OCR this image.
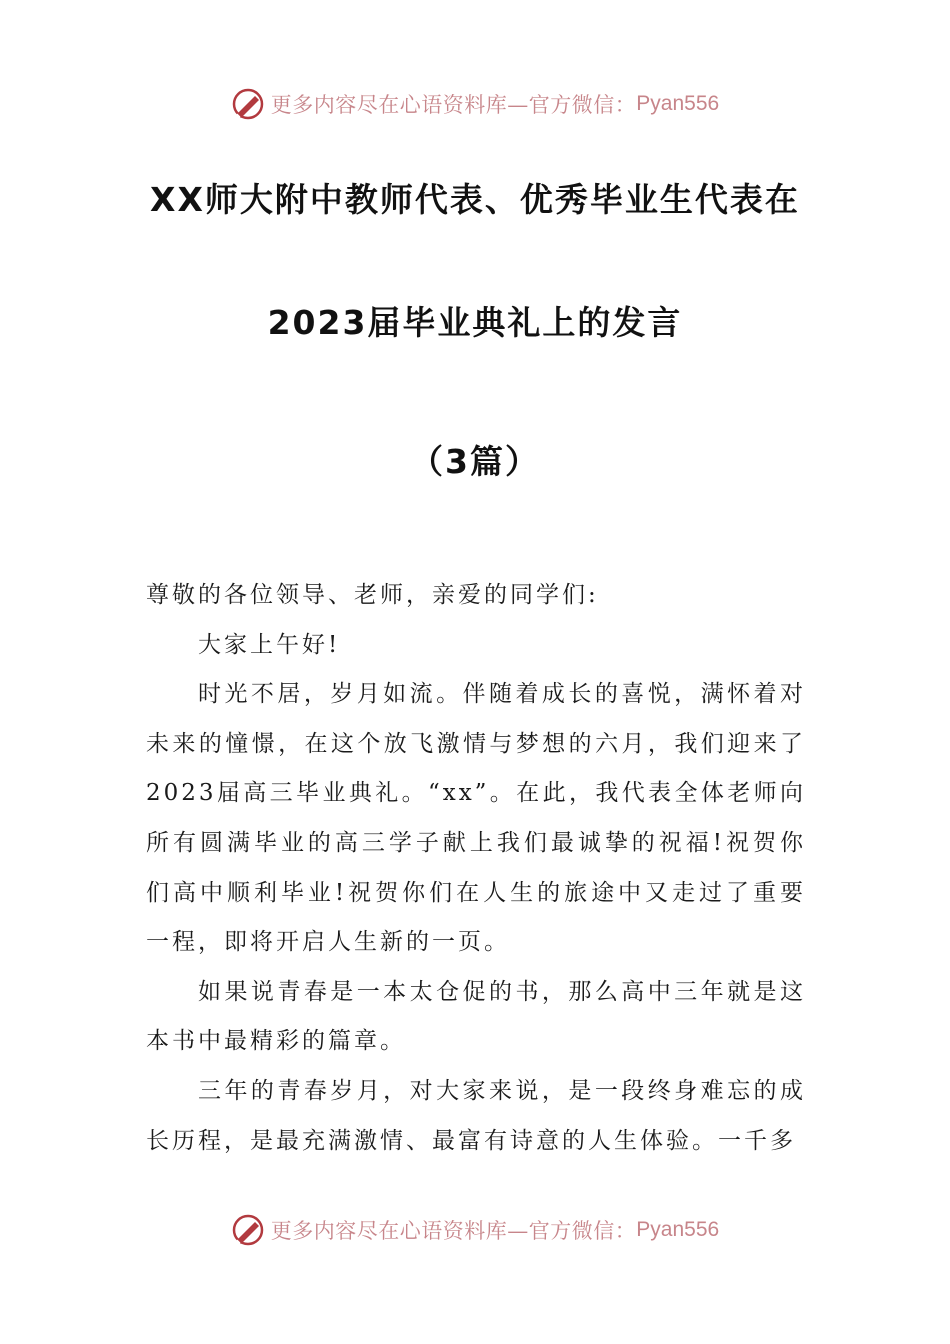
更多内容尽在心语资料库—官方微信： Pyan556
XX师大附中教师代表、优秀毕业生代表在
2023届毕业典礼上的发言
（3篇）

尊敬的各位领导、老师，亲爱的同学们:

大家上午好!

时光不居，岁月如流。伴随着成长的喜悦，满怀着对未来的憧憬，在这个放飞激情与梦想的六月，我们迎来了2023届高三毕业典礼。“xx”。在此，我代表全体老师向所有圆满毕业的高三学子献上我们最诚挚的祝福!祝贺你们高中顺利毕业!祝贺你们在人生的旅途中又走过了重要一程，即将开启人生新的一页。

如果说青春是一本太仓促的书，那么高中三年就是这本书中最精彩的篇章。

三年的青春岁月，对大家来说，是一段终身难忘的成长历程，是最充满激情、最富有诗意的人生体验。一千多

更多内容尽在心语资料库—官方微信： Pyan556
